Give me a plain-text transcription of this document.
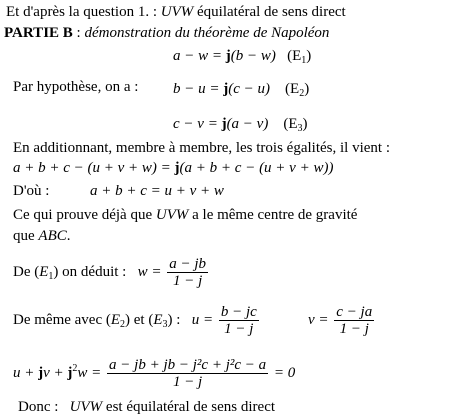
Et d'après la question 1. : UVW équilatéral de sens direct
PARTIE B : démonstration du théorème de Napoléon
a − w = j(b − w) $(E_1)$
Par hypothèse, on a : b − u = j(c − u) $(E_2)$
c − v = j(a − v) $(E_3)$
En additionnant, membre à membre, les trois égalités, il vient :
a + b + c − (u + v + w) = j(a + b + c − (u + v + w))
D'où :	a + b + c = u + v + w
Ce qui prouve déjà que UVW a le même centre de gravité
que ABC.
De $(E_1)$ on déduit : $w = \frac{a - jb}{1 - j}$
De même avec $(E_2)$ et $(E_3)$ : $u = \frac{b - jc}{1 - j}$	$v = \frac{c - ja}{1 - j}$
u + jv + $j^2w = \frac{\text{a − jb + jb − j²c + j²c − a}}{1 - j} = 0$
Donc : UVW est équilatéral de sens direct
